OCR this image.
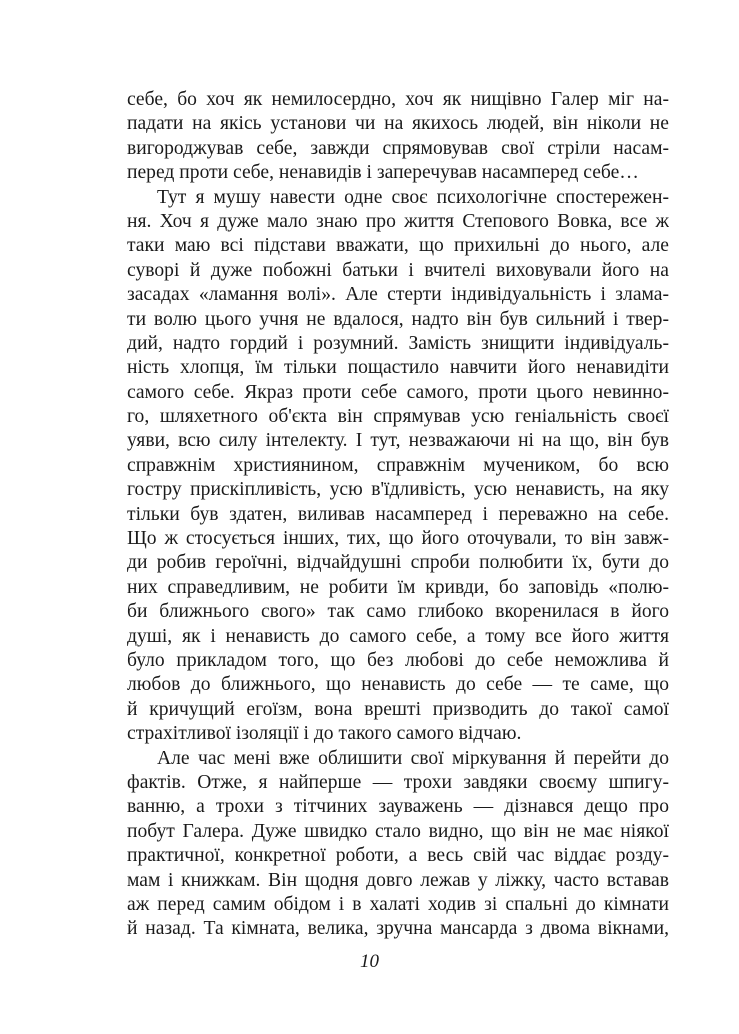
себе, бо хоч як немилосердно, хоч як нищівно Галер міг на-
падати на якісь установи чи на якихось людей, він ніколи не
вигороджував себе, завжди спрямовував свої стріли насам-
перед проти себе, ненавидів і заперечував насамперед себе…
Тут я мушу навести одне своє психологічне спостережен-
ня. Хоч я дуже мало знаю про життя Степового Вовка, все ж
таки маю всі підстави вважати, що прихильні до нього, але
суворі й дуже побожні батьки і вчителі виховували його на
засадах «ламання волі». Але стерти індивідуальність і злама-
ти волю цього учня не вдалося, надто він був сильний і твер-
дий, надто гордий і розумний. Замість знищити індивідуаль-
ність хлопця, їм тільки пощастило навчити його ненавидіти
самого себе. Якраз проти себе самого, проти цього невинно-
го, шляхетного об'єкта він спрямував усю геніальність своєї
уяви, всю силу інтелекту. І тут, незважаючи ні на що, він був
справжнім християнином, справжнім мучеником, бо всю
гостру прискіпливість, усю в'їдливість, усю ненависть, на яку
тільки був здатен, виливав насамперед і переважно на себе.
Що ж стосується інших, тих, що його оточували, то він завж-
ди робив героїчні, відчайдушні спроби полюбити їх, бути до
них справедливим, не робити їм кривди, бо заповідь «полю-
би ближнього свого» так само глибоко вкоренилася в його
душі, як і ненависть до самого себе, а тому все його життя
було прикладом того, що без любові до себе неможлива й
любов до ближнього, що ненависть до себе — те саме, що
й кричущий егоїзм, вона врешті призводить до такої самої
страхітливої ізоляції і до такого самого відчаю.
Але час мені вже облишити свої міркування й перейти до
фактів. Отже, я найперше — трохи завдяки своєму шпигу-
ванню, а трохи з тітчиних зауважень — дізнався дещо про
побут Галера. Дуже швидко стало видно, що він не має ніякої
практичної, конкретної роботи, а весь свій час віддає розду-
мам і книжкам. Він щодня довго лежав у ліжку, часто вставав
аж перед самим обідом і в халаті ходив зі спальні до кімнати
й назад. Та кімната, велика, зручна мансарда з двома вікнами,
10
